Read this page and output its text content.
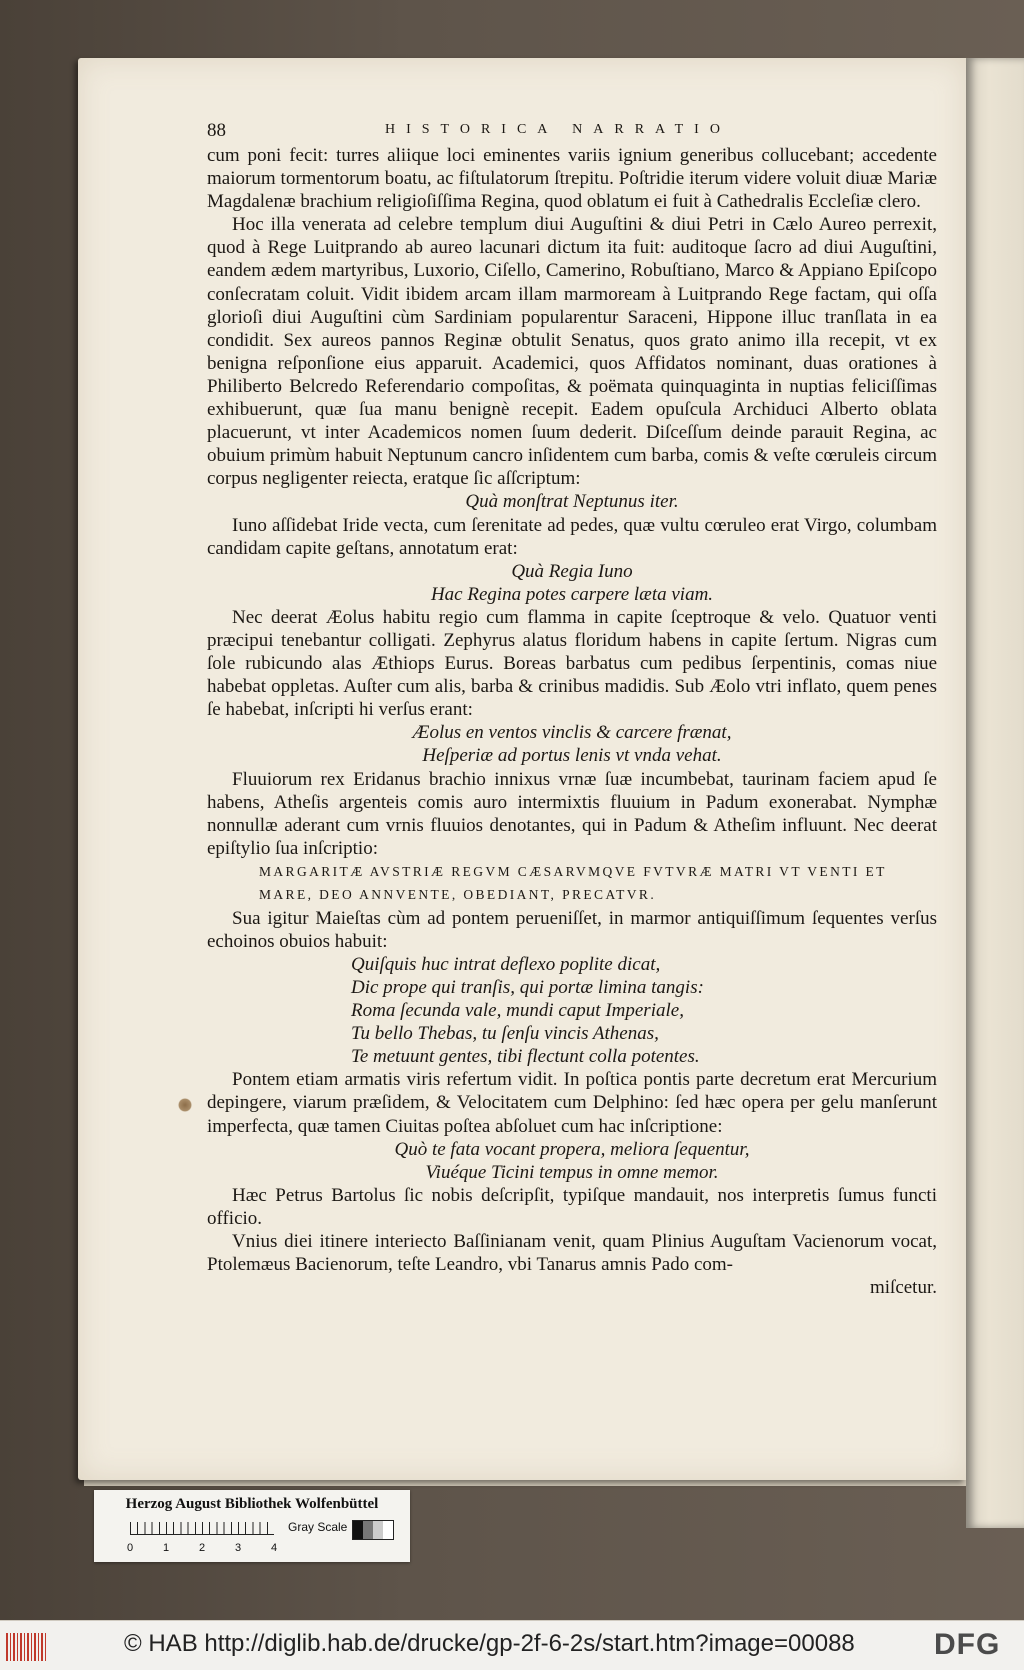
88	HISTORICA NARRATIO
cum poni fecit: turres aliique loci eminentes variis ignium generibus collucebant; accedente maiorum tormentorum boatu, ac fiſtulatorum ſtrepitu. Poſtridie iterum videre voluit diuæ Mariæ Magdalenæ brachium religioſiſſima Regina, quod oblatum ei fuit à Cathedralis Eccleſiæ clero.
Hoc illa venerata ad celebre templum diui Auguſtini & diui Petri in Cælo Aureo perrexit, quod à Rege Luitprando ab aureo lacunari dictum ita fuit: auditoque ſacro ad diui Auguſtini, eandem ædem martyribus, Luxorio, Ciſello, Camerino, Robuſtiano, Marco & Appiano Epiſcopo conſecratam coluit. Vidit ibidem arcam illam marmoream à Luitprando Rege factam, qui oſſa glorioſi diui Auguſtini cùm Sardiniam popularentur Saraceni, Hippone illuc tranſlata in ea condidit. Sex aureos pannos Reginæ obtulit Senatus, quos grato animo illa recepit, vt ex benigna reſponſione eius apparuit. Academici, quos Affidatos nominant, duas orationes à Philiberto Belcredo Referendario compoſitas, & poëmata quinquaginta in nuptias feliciſſimas exhibuerunt, quæ ſua manu benignè recepit. Eadem opuſcula Archiduci Alberto oblata placuerunt, vt inter Academicos nomen ſuum dederit. Diſceſſum deinde parauit Regina, ac obuium primùm habuit Neptunum cancro inſidentem cum barba, comis & veſte cœruleis circum corpus negligenter reiecta, eratque ſic aſſcriptum:
Quà monſtrat Neptunus iter.
Iuno aſſidebat Iride vecta, cum ſerenitate ad pedes, quæ vultu cœruleo erat Virgo, columbam candidam capite geſtans, annotatum erat:
Quà Regia Iuno
Hac Regina potes carpere læta viam.
Nec deerat Æolus habitu regio cum flamma in capite ſceptroque & velo. Quatuor venti præcipui tenebantur colligati. Zephyrus alatus floridum habens in capite ſertum. Nigras cum ſole rubicundo alas Æthiops Eurus. Boreas barbatus cum pedibus ſerpentinis, comas niue habebat oppletas. Auſter cum alis, barba & crinibus madidis. Sub Æolo vtri inflato, quem penes ſe habebat, inſcripti hi verſus erant:
Æolus en ventos vinclis & carcere frænat,
Heſperiæ ad portus lenis vt vnda vehat.
Fluuiorum rex Eridanus brachio innixus vrnæ ſuæ incumbebat, taurinam faciem apud ſe habens, Atheſis argenteis comis auro intermixtis fluuium in Padum exonerabat. Nymphæ nonnullæ aderant cum vrnis fluuios denotantes, qui in Padum & Atheſim influunt. Nec deerat epiſtylio ſua inſcriptio:
MARGARITÆ AVSTRIÆ REGVM CÆSARVMQVE FVTVRÆ MATRI VT VENTI ET MARE, DEO ANNVENTE, OBEDIANT, PRECATVR.
Sua igitur Maieſtas cùm ad pontem perueniſſet, in marmor antiquiſſimum ſequentes verſus echoinos obuios habuit:
Quiſquis huc intrat deflexo poplite dicat,
Dic prope qui tranſis, qui portæ limina tangis:
Roma ſecunda vale, mundi caput Imperiale,
Tu bello Thebas, tu ſenſu vincis Athenas,
Te metuunt gentes, tibi flectunt colla potentes.
Pontem etiam armatis viris refertum vidit. In poſtica pontis parte decretum erat Mercurium depingere, viarum præſidem, & Velocitatem cum Delphino: ſed hæc opera per gelu manſerunt imperfecta, quæ tamen Ciuitas poſtea abſoluet cum hac inſcriptione:
Quò te fata vocant propera, meliora ſequentur,
Viuéque Ticini tempus in omne memor.
Hæc Petrus Bartolus ſic nobis deſcripſit, typiſque mandauit, nos interpretis ſumus functi officio.
Vnius diei itinere interiecto Baſſinianam venit, quam Plinius Auguſtam Vacienorum vocat, Ptolemæus Bacienorum, teſte Leandro, vbi Tanarus amnis Pado com-
miſcetur.
Herzog August Bibliothek Wolfenbüttel
0	1	2	3	4
Gray Scale
© HAB http://diglib.hab.de/drucke/gp-2f-6-2s/start.htm?image=00088	DFG
